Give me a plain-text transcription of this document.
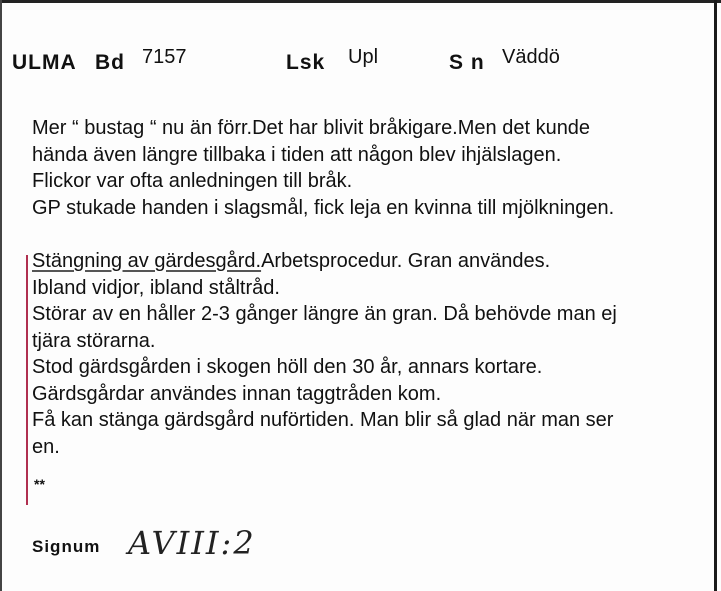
ULMA Bd 7157	Lsk Upl	S n Väddö
Mer “ bustag “ nu än förr.Det har blivit bråkigare.Men det kunde
hända även längre tillbaka i tiden att någon blev ihjälslagen.
Flickor var ofta anledningen till bråk.
GP stukade handen i slagsmål, fick leja en kvinna till mjölkningen.
Stängning av gärdesgård.Arbetsprocedur. Gran användes.
Ibland vidjor, ibland ståltråd.
Störar av en håller 2-3 gånger längre än gran. Då behövde man ej
tjära störarna.
Stod gärdsgården i skogen höll den 30 år, annars kortare.
Gärdsgårdar användes innan taggtråden kom.
Få kan stänga gärdsgård nuförtiden. Man blir så glad när man ser
en.
**
Signum AVIII:2
